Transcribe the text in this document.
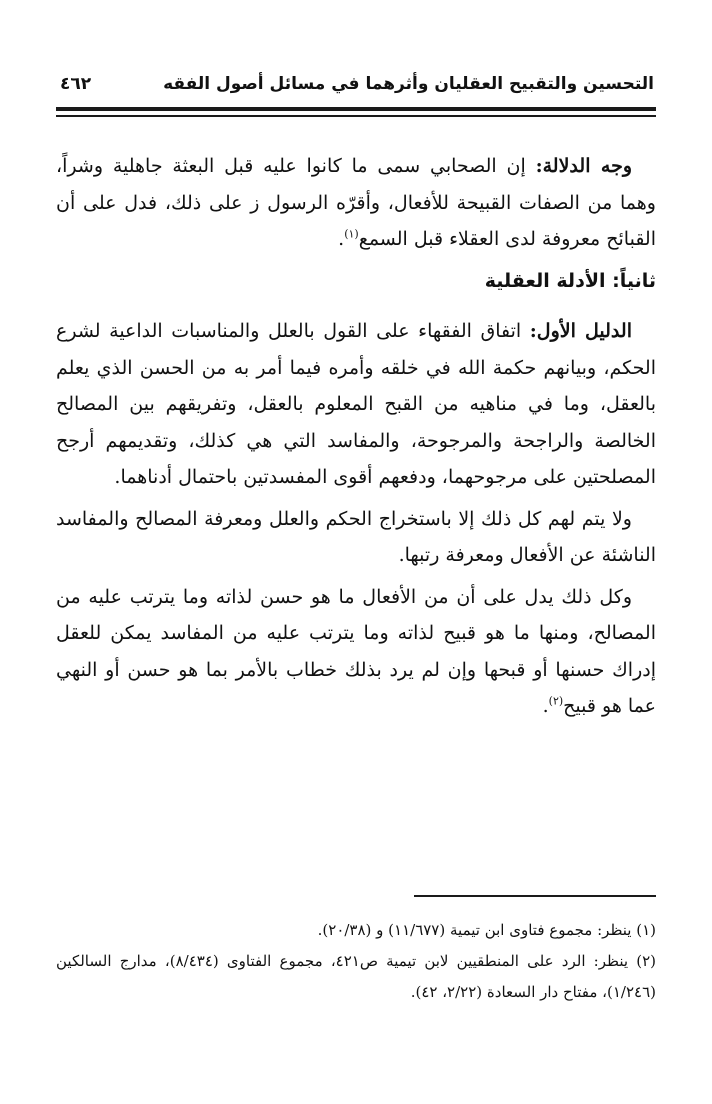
التحسين والتقبيح العقليان وأثرهما في مسائل أصول الفقه
٤٦٢

وجه الدلالة: إن الصحابي سمى ما كانوا عليه قبل البعثة جاهلية وشراً، وهما من الصفات القبيحة للأفعال، وأقرّه الرسول ز على ذلك، فدل على أن القبائح معروفة لدى العقلاء قبل السمع$^{(١)}$.

ثانياً: الأدلة العقلية

الدليل الأول: اتفاق الفقهاء على القول بالعلل والمناسبات الداعية لشرع الحكم، وبيانهم حكمة الله في خلقه وأمره فيما أمر به من الحسن الذي يعلم بالعقل، وما في مناهيه من القبح المعلوم بالعقل، وتفريقهم بين المصالح الخالصة والراجحة والمرجوحة، والمفاسد التي هي كذلك، وتقديمهم أرجح المصلحتين على مرجوحهما، ودفعهم أقوى المفسدتين باحتمال أدناهما.

ولا يتم لهم كل ذلك إلا باستخراج الحكم والعلل ومعرفة المصالح والمفاسد الناشئة عن الأفعال ومعرفة رتبها.

وكل ذلك يدل على أن من الأفعال ما هو حسن لذاته وما يترتب عليه من المصالح، ومنها ما هو قبيح لذاته وما يترتب عليه من المفاسد يمكن للعقل إدراك حسنها أو قبحها وإن لم يرد بذلك خطاب بالأمر بما هو حسن أو النهي عما هو قبيح$^{(٢)}$.

(١) ينظر: مجموع فتاوى ابن تيمية (١١/٦٧٧) و (٢٠/٣٨).

(٢) ينظر: الرد على المنطقيين لابن تيمية ص٤٢١، مجموع الفتاوى (٨/٤٣٤)، مدارج السالكين (١/٢٤٦)، مفتاح دار السعادة (٢/٢٢، ٤٢).
